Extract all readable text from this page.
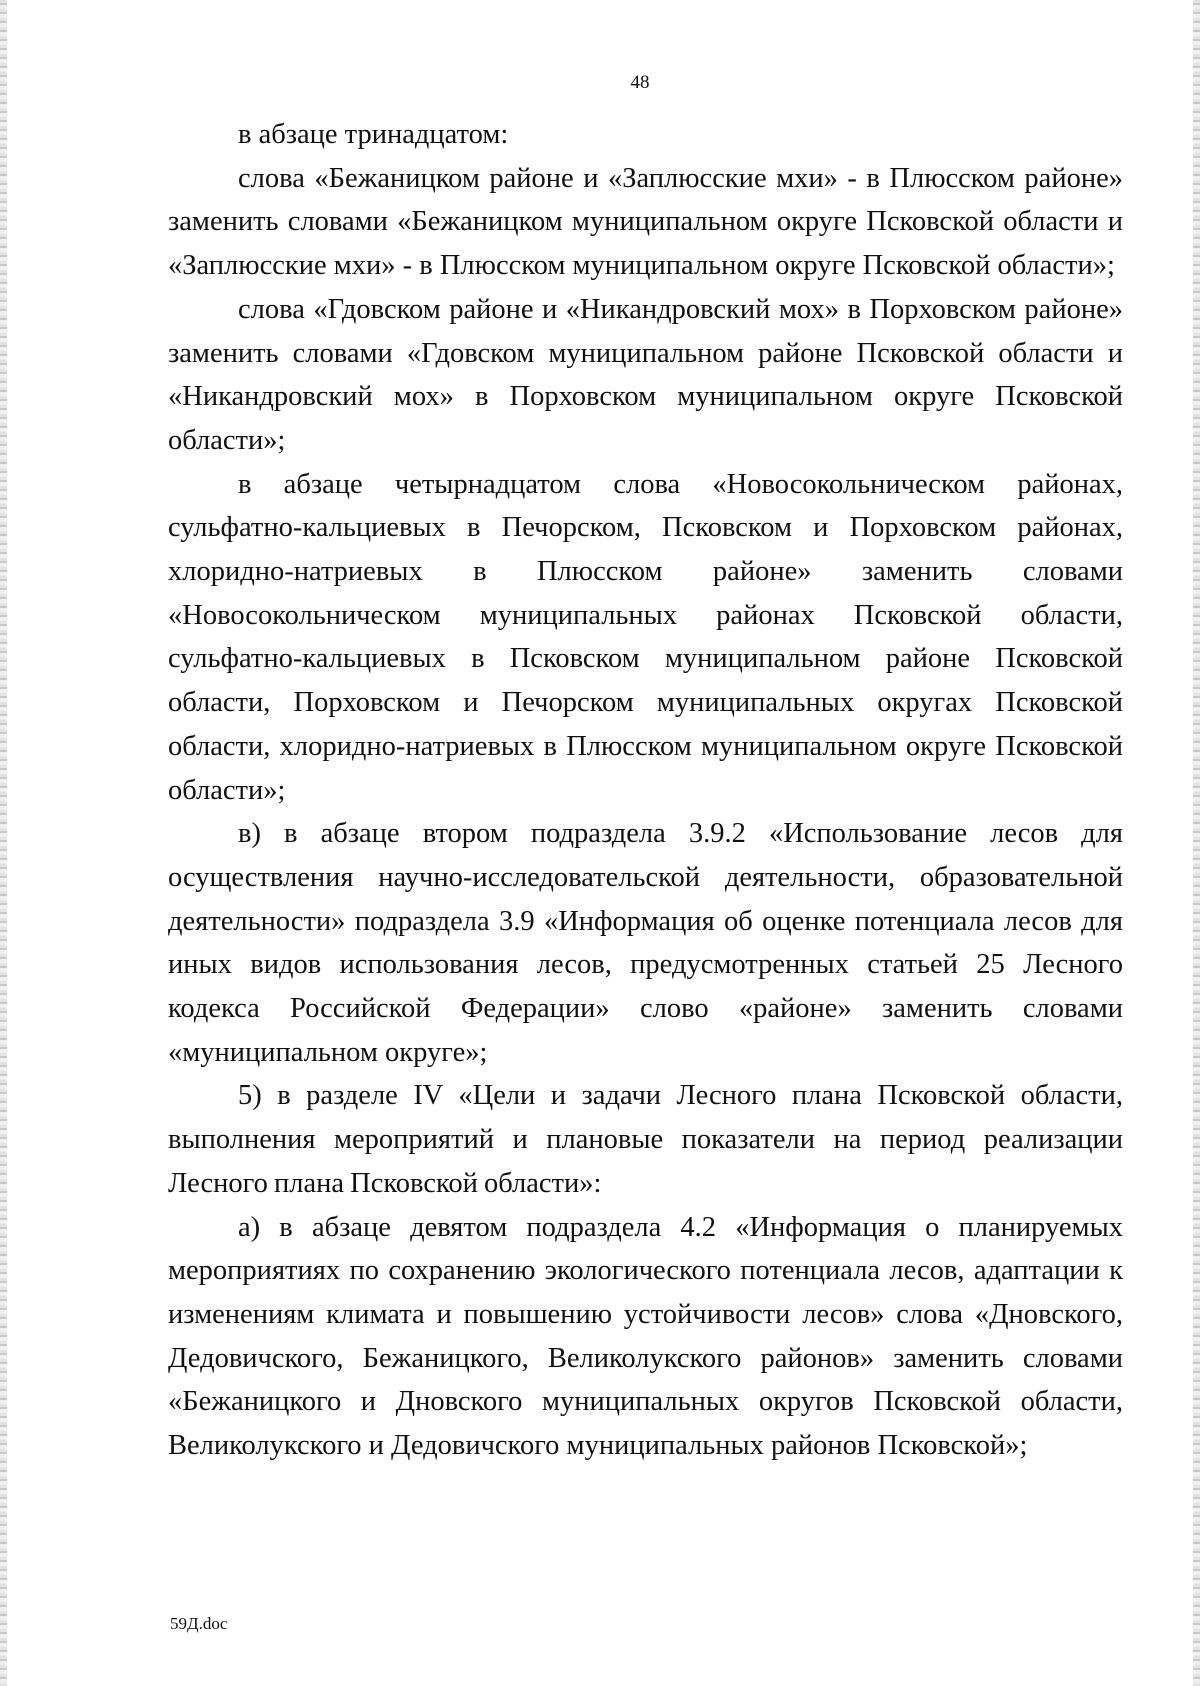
48

в абзаце тринадцатом:

слова «Бежаницком районе и «Заплюсские мхи» - в Плюсском районе» заменить словами «Бежаницком муниципальном округе Псковской области и «Заплюсские мхи» - в Плюсском муниципальном округе Псковской области»;

слова «Гдовском районе и «Никандровский мох» в Порховском районе» заменить словами «Гдовском муниципальном районе Псковской области и «Никандровский мох» в Порховском муниципальном округе Псковской области»;

в абзаце четырнадцатом слова «Новосокольническом районах, сульфатно-кальциевых в Печорском, Псковском и Порховском районах, хлоридно-натриевых в Плюсском районе» заменить словами «Новосокольническом муниципальных районах Псковской области, сульфатно-кальциевых в Псковском муниципальном районе Псковской области, Порховском и Печорском муниципальных округах Псковской области, хлоридно-натриевых в Плюсском муниципальном округе Псковской области»;

в) в абзаце втором подраздела 3.9.2 «Использование лесов для осуществления научно-исследовательской деятельности, образовательной деятельности» подраздела 3.9 «Информация об оценке потенциала лесов для иных видов использования лесов, предусмотренных статьей 25 Лесного кодекса Российской Федерации» слово «районе» заменить словами «муниципальном округе»;

5) в разделе IV «Цели и задачи Лесного плана Псковской области, выполнения мероприятий и плановые показатели на период реализации Лесного плана Псковской области»:

а) в абзаце девятом подраздела 4.2 «Информация о планируемых мероприятиях по сохранению экологического потенциала лесов, адаптации к изменениям климата и повышению устойчивости лесов» слова «Дновского, Дедовичского, Бежаницкого, Великолукского районов» заменить словами «Бежаницкого и Дновского муниципальных округов Псковской области, Великолукского и Дедовичского муниципальных районов Псковской»;

59Д.doc
